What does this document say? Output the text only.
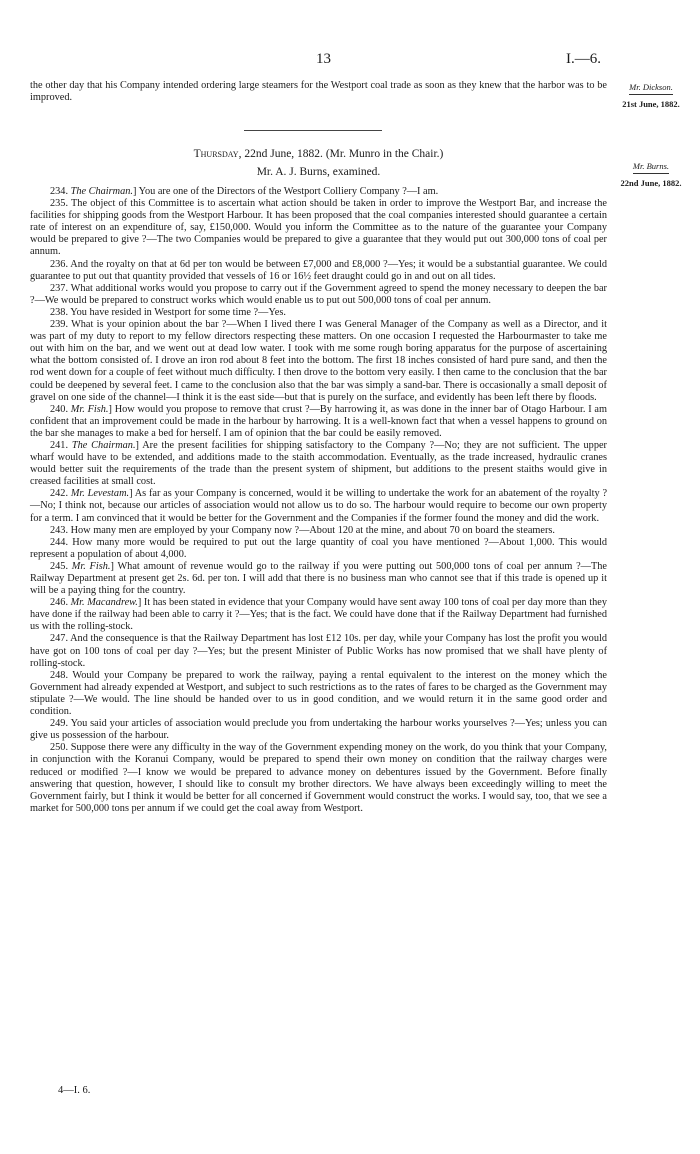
13	I.—6.

the other day that his Company intended ordering large steamers for the Westport coal trade as soon as they knew that the harbor was to be improved.

Mr. Dickson.
21st June, 1882.
Thursday, 22nd June, 1882. (Mr. Munro in the Chair.)
Mr. A. J. Burns, examined.	Mr. Burns.
22nd June, 1882.

234. The Chairman.] You are one of the Directors of the Westport Colliery Company ?—I am.

235. The object of this Committee is to ascertain what action should be taken in order to improve the Westport Bar, and increase the facilities for shipping goods from the Westport Harbour. It has been proposed that the coal companies interested should guarantee a certain rate of interest on an expenditure of, say, £150,000. Would you inform the Committee as to the nature of the guarantee your Company would be prepared to give ?—The two Companies would be prepared to give a guarantee that they would put out 300,000 tons of coal per annum.

236. And the royalty on that at 6d per ton would be between £7,000 and £8,000 ?—Yes; it would be a substantial guarantee. We could guarantee to put out that quantity provided that vessels of 16 or 16½ feet draught could go in and out on all tides.

237. What additional works would you propose to carry out if the Government agreed to spend the money necessary to deepen the bar ?—We would be prepared to construct works which would enable us to put out 500,000 tons of coal per annum.

238. You have resided in Westport for some time ?—Yes.

239. What is your opinion about the bar ?—When I lived there I was General Manager of the Company as well as a Director, and it was part of my duty to report to my fellow directors respecting these matters. On one occasion I requested the Harbourmaster to take me out with him on the bar, and we went out at dead low water. I took with me some rough boring apparatus for the purpose of ascertaining what the bottom consisted of. I drove an iron rod about 8 feet into the bottom. The first 18 inches consisted of hard pure sand, and then the rod went down for a couple of feet without much difficulty. I then drove to the bottom very easily. I then came to the conclusion that the bar could be deepened by several feet. I came to the conclusion also that the bar was simply a sand-bar. There is occasionally a small deposit of gravel on one side of the channel—I think it is the east side—but that is purely on the surface, and evidently has been left there by floods.

240. Mr. Fish.] How would you propose to remove that crust ?—By harrowing it, as was done in the inner bar of Otago Harbour. I am confident that an improvement could be made in the harbour by harrowing. It is a well-known fact that when a vessel happens to ground on the bar she manages to make a bed for herself. I am of opinion that the bar could be easily removed.

241. The Chairman.] Are the present facilities for shipping satisfactory to the Company ?—No; they are not sufficient. The upper wharf would have to be extended, and additions made to the staith accommodation. Eventually, as the trade increased, hydraulic cranes would better suit the requirements of the trade than the present system of shipment, but additions to the present staiths would give in creased facilities at small cost.

242. Mr. Levestam.] As far as your Company is concerned, would it be willing to undertake the work for an abatement of the royalty ?—No; I think not, because our articles of association would not allow us to do so. The harbour would require to become our own property for a term. I am convinced that it would be better for the Government and the Companies if the former found the money and did the work.

243. How many men are employed by your Company now ?—About 120 at the mine, and about 70 on board the steamers.

244. How many more would be required to put out the large quantity of coal you have mentioned ?—About 1,000. This would represent a population of about 4,000.

245. Mr. Fish.] What amount of revenue would go to the railway if you were putting out 500,000 tons of coal per annum ?—The Railway Department at present get 2s. 6d. per ton. I will add that there is no business man who cannot see that if this trade is opened up it will be a paying thing for the country.

246. Mr. Macandrew.] It has been stated in evidence that your Company would have sent away 100 tons of coal per day more than they have done if the railway had been able to carry it ?—Yes; that is the fact. We could have done that if the Railway Department had furnished us with the rolling-stock.

247. And the consequence is that the Railway Department has lost £12 10s. per day, while your Company has lost the profit you would have got on 100 tons of coal per day ?—Yes; but the present Minister of Public Works has now promised that we shall have plenty of rolling-stock.

248. Would your Company be prepared to work the railway, paying a rental equivalent to the interest on the money which the Government had already expended at Westport, and subject to such restrictions as to the rates of fares to be charged as the Government may stipulate ?—We would. The line should be handed over to us in good condition, and we would return it in the same good order and condition.

249. You said your articles of association would preclude you from undertaking the harbour works yourselves ?—Yes; unless you can give us possession of the harbour.

250. Suppose there were any difficulty in the way of the Government expending money on the work, do you think that your Company, in conjunction with the Koranui Company, would be prepared to spend their own money on condition that the railway charges were reduced or modified ?—I know we would be prepared to advance money on debentures issued by the Government. Before finally answering that question, however, I should like to consult my brother directors. We have always been exceedingly willing to meet the Government fairly, but I think it would be better for all concerned if Government would construct the works. I would say, too, that we see a market for 500,000 tons per annum if we could get the coal away from Westport.

4—I. 6.
